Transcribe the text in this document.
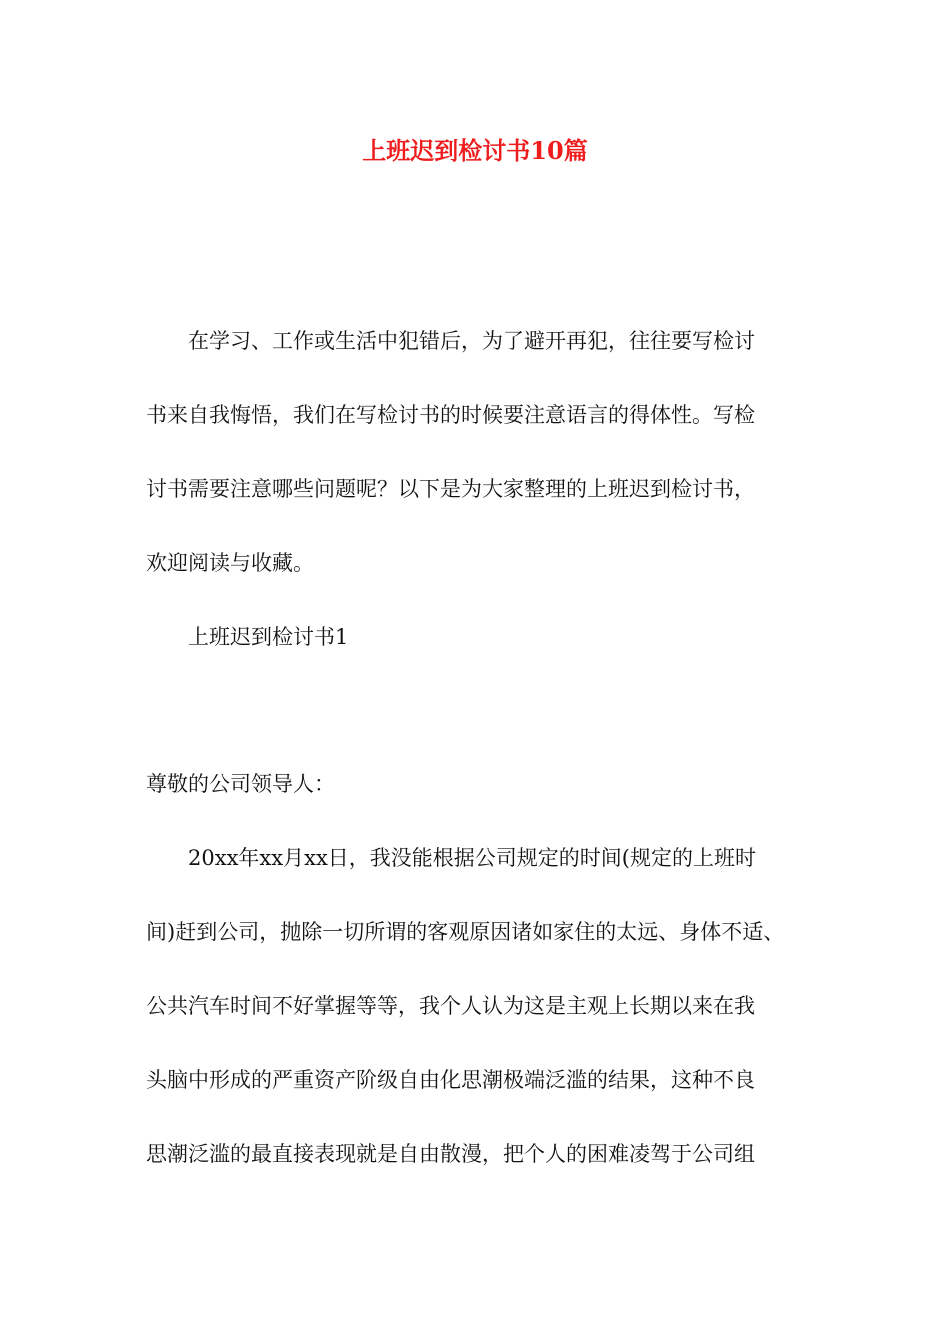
上班迟到检讨书10篇

在学习、工作或生活中犯错后，为了避开再犯，往往要写检讨

书来自我悔悟，我们在写检讨书的时候要注意语言的得体性。写检

讨书需要注意哪些问题呢？以下是为大家整理的上班迟到检讨书，

欢迎阅读与收藏。

上班迟到检讨书1

尊敬的公司领导人：

20xx年xx月xx日，我没能根据公司规定的时间(规定的上班时

间)赶到公司，抛除一切所谓的客观原因诸如家住的太远、身体不适、

公共汽车时间不好掌握等等，我个人认为这是主观上长期以来在我

头脑中形成的严重资产阶级自由化思潮极端泛滥的结果，这种不良

思潮泛滥的最直接表现就是自由散漫，把个人的困难凌驾于公司组
